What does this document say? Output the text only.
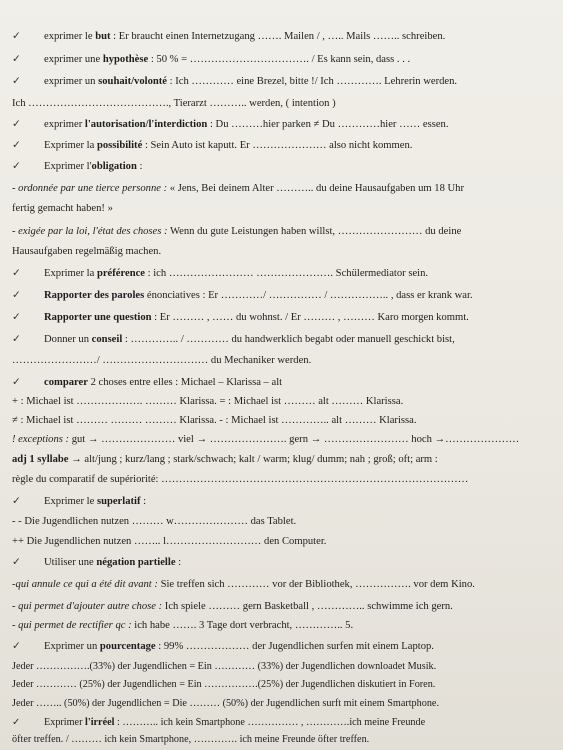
✓ exprimer le but : Er braucht einen Internetzugang ……. Mailen / , ….. Mails …….. schreiben.
✓ exprimer une hypothèse : 50 % = ……………………………. / Es kann sein, dass . . .
✓ exprimer un souhait/volonté : Ich ………… eine Brezel, bitte !/ Ich …………. Lehrerin werden.
Ich …………………………………., Tierarzt ……….. werden, ( intention )
✓ exprimer l'autorisation/l'interdiction : Du ………hier parken ≠ Du …………hier …… essen.
✓ Exprimer la possibilité : Sein Auto ist kaputt. Er ………………… also nicht kommen.
✓ Exprimer l'obligation :
- ordonnée par une tierce personne : « Jens, Bei deinem Alter ……….. du deine Hausaufgaben um 18 Uhr
fertig gemacht haben! »
- exigée par la loi, l'état des choses : Wenn du gute Leistungen haben willst, …………………… du deine
Hausaufgaben regelmäßig machen.
✓ Exprimer la préférence : ich …………………… …………………. Schülermediator sein.
✓ Rapporter des paroles énonciatives : Er …………/ …………… / …………….. , dass er krank war.
✓ Rapporter une question : Er ……… , …… du wohnst. / Er ……… , ……… Karo morgen kommt.
✓ Donner un conseil : ………….. / ………… du handwerklich begabt oder manuell geschickt bist,
……………………/ ………………………… du Mechaniker werden.
✓ comparer 2 choses entre elles : Michael – Klarissa – alt
+ : Michael ist ………………. ……… Klarissa. = : Michael ist ……… alt ……… Klarissa.
≠ : Michael ist ……… ……… ……… Klarissa. - : Michael ist ………….. alt ……… Klarissa.
! exceptions : gut → ………………… viel → …………………. gern → …………………… hoch →…………………
adj 1 syllabe → alt/jung ; kurz/lang ; stark/schwach; kalt / warm; klug/ dumm; nah ; groß; oft; arm :
règle du comparatif de supériorité: ……………………………………………………………………………
✓ Exprimer le superlatif :
- - Die Jugendlichen nutzen ……… w………………… das Tablet.
++ Die Jugendlichen nutzen …….. l……………………… den Computer.
✓ Utiliser une négation partielle :
-qui annule ce qui a été dit avant : Sie treffen sich ………… vor der Bibliothek, ……………. vor dem Kino.
- qui permet d'ajouter autre chose : Ich spiele ……… gern Basketball , ………….. schwimme ich gern.
- qui permet de rectifier qc : ich habe ……. 3 Tage dort verbracht, ………….. 5.
✓ Exprimer un pourcentage : 99% ……………… der Jugendlichen surfen mit einem Laptop.
Jeder …………….(33%) der Jugendlichen = Ein ………… (33%) der Jugendlichen downloadet Musik.
Jeder ………… (25%) der Jugendlichen = Ein …………….(25%) der Jugendlichen diskutiert in Foren.
Jeder …….. (50%) der Jugendlichen = Die ……… (50%) der Jugendlichen surft mit einem Smartphone.
✓ Exprimer l'irréel : ……….. ich kein Smartphone …………… , ………….ich meine Freunde
öfter treffen. / ……… ich kein Smartphone, …………. ich meine Freunde öfter treffen.
